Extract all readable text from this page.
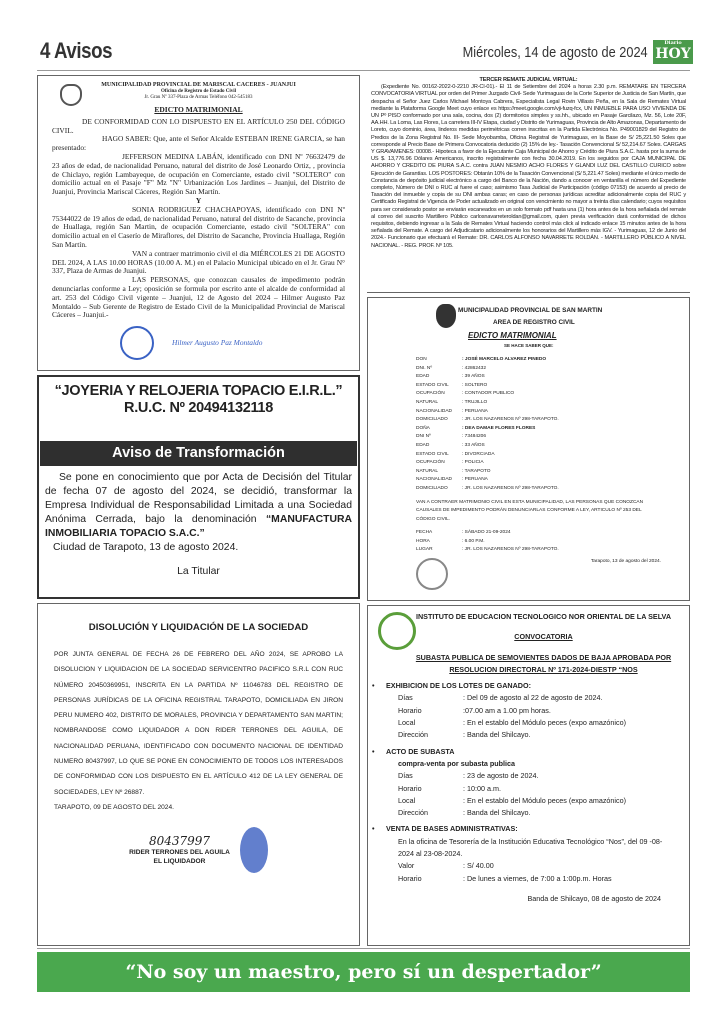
4 Avisos	Miércoles, 14 de agosto de 2024
Diario
HOY
MUNICIPALIDAD PROVINCIAL DE MARISCAL CACERES - JUANJUI
Oficina de Registro de Estado Civil
Jr. Grau Nº 337-Plaza de Armas Teléfono 042-545183
EDICTO MATRIMONIAL

DE CONFORMIDAD CON LO DISPUESTO EN EL ARTÍCULO 250 DEL CÓDIGO CIVIL.

HAGO SABER: Que, ante el Señor Alcalde ESTEBAN IRENE GARCIA, se han presentado:

JEFFERSON MEDINA LABÁN, identificado con DNI Nº 76632479 de 23 años de edad, de nacionalidad Peruano, natural del distrito de José Leonardo Ortiz, , provincia de Chiclayo, región Lambayeque, de ocupación en Comerciante, estado civil "SOLTERO" con domicilio actual en el Pasaje "F" Mz "N" Urbanización Los Jardines – Juanjui, del Distrito de Juanjui, Provincia Mariscal Cáceres, Región San Martín.

Y

SONIA RODRIGUEZ CHACHAPOYAS, identificado con DNI Nº 75344022 de 19 años de edad, de nacionalidad Peruano, natural del distrito de Sacanche, provincia de Huallaga, región San Martin, de ocupación Comerciante, estado civil "SOLTERA" con domicilio actual en el Caserío de Miraflores, del Distrito de Sacanche, Provincia Huallaga, Región San Martín.

VAN a contraer matrimonio civil el día MIÉRCOLES 21 DE AGOSTO DEL 2024, A LAS 10.00 HORAS (10.00 A. M.) en el Palacio Municipal ubicado en el Jr. Grau N° 337, Plaza de Armas de Juanjui.

LAS PERSONAS, que conozcan causales de impedimento podrán denunciarlas conforme a Ley; oposición se formula por escrito ante el alcalde de conformidad al art. 253 del Código Civil vigente – Juanjui, 12 de Agosto del 2024 – Hilmer Augusto Paz Montaldo – Sub Gerente de Registro de Estado Civil de la Municipalidad Provincial de Mariscal Cáceres – Juanjui.-

Hilmer Augusto Paz Montaldo
“JOYERIA Y RELOJERIA TOPACIO E.I.R.L.”
R.U.C. Nº 20494132118
Aviso de Transformación
Se pone en conocimiento que por Acta de Decisión del Titular de fecha 07 de agosto del 2024, se decidió, transformar la Empresa Individual de Responsabilidad Limitada a una Sociedad Anónima Cerrada, bajo la denominación “MANUFACTURA INMOBILIARIA TOPACIO S.A.C.”
Ciudad de Tarapoto, 13 de agosto 2024.
La Titular
DISOLUCIÓN Y LIQUIDACIÓN DE LA SOCIEDAD

POR JUNTA GENERAL DE FECHA 26 DE FEBRERO DEL AÑO 2024, SE APROBO LA DISOLUCION Y LIQUIDACION DE LA SOCIEDAD SERVICENTRO PACIFICO S.R.L CON RUC NÚMERO 20450369951, INSCRITA EN LA PARTIDA Nº 11046783 DEL REGISTRO DE PERSONAS JURÍDICAS DE LA OFICINA REGISTRAL TARAPOTO, DOMICILIADA EN JIRON PERU NUMERO 402, DISTRITO DE MORALES, PROVINCIA Y DEPARTAMENTO SAN MARTIN; NOMBRANDOSE COMO LIQUIDADOR A DON RIDER TERRONES DEL AGUILA, DE NACIONALIDAD PERUANA, IDENTIFICADO CON DOCUMENTO NACIONAL DE IDENTIDAD NUMERO 80437997, LO QUE SE PONE EN CONOCIMIENTO DE TODOS LOS INTERESADOS DE CONFORMIDAD CON LOS DISPUESTO EN EL ARTÍCULO 412 DE LA LEY GENERAL DE SOCIEDADES, LEY Nº 26887.

TARAPOTO, 09 DE AGOSTO DEL 2024.

80437997
RIDER TERRONES DEL AGUILA
EL LIQUIDADOR
TERCER REMATE JUDICIAL VIRTUAL:
(Expediente No. 00162-2022-0-2210 JR-CI-01).- El 11 de Setiembre del 2024 a horas 2.30 p.m. REMATARE EN TERCERA CONVOCATORIA VIRTUAL por orden del Primer Juzgado Civil- Sede Yurimaguas de la Corte Superior de Justicia de San Martín, que despacha el Señor Juez Carlos Michael Montoya Cabrera, Especialista Legal Rovin Villasis Peña, en la Sala de Remates Virtual mediante la Plataforma Google Meet cuyo enlace es https://meet.google.com/vji-fuzq-fcx, UN INMUEBLE PARA USO VIVIENDA DE UN Pº PISO conformado por una sala, cocina, dos (2) dormitorios simples y ss.hh., ubicado en Pasaje Garcilazo, Mz. 56, Lote 20F, AA.HH. La Loma, Las Flores, La carretera III-IV Etapa, ciudad y Distrito de Yurimaguas, Provincia de Alto Amazonas, Departamento de Loreto, cuyo dominio, área, linderos medidas perimétricas corren inscritas en la Partida Electrónica No. P49001829 del Registro de Predios de la Zona Registral No. III- Sede Moyobamba, Oficina Registral de Yurimaguas, en la Base de S/ 25,221.50 Soles que corresponde al Precio Base de Primera Convocatoria deducido (2) 15% de ley.- Tasación Convencional S/ 52,214.67 Soles. CARGAS Y GRAVAMENES: 00008.- Hipoteca a favor de la Ejecutante Caja Municipal de Ahorro y Crédito de Piura S.A.C. hasta por la suma de US $. 13,776.96 Dólares Americanos, inscrito registralmente con fecha 30.04.2019. En los seguidos por CAJA MUNICIPAL DE AHORRO Y CREDITO DE PIURA S.A.C. contra JUAN NESMIO ACHO FLORES Y GLANDI LUZ DEL CASTILLO CURICO sobre Ejecución de Garantías. LOS POSTORES: Obtarán 10% de la Tasación Convencional (S/ 5,221.47 Soles) mediante el único medio de Constancia de depósito judicial electrónico a cargo del Banco de la Nación, dando a conocer en ventanilla el número del Expediente completo, Número de DNI o RUC al fuere el caso; asimismo Tasa Judicial de Participación (código 07153) de acuerdo al precio de Tasación del inmueble y copia de su DNI ambas caras; en caso de personas jurídicas acreditar adicionalmente copia del RUC y Certificado Registral de Vigencia de Poder actualizado en original con vencimiento no mayor a treinta días calendario; cuyos requisitos para ser considerado postor se enviarán escaneados en un solo formato pdf hasta una (1) hora antes de la hora señalada del remate al correo del suscrito Martillero Público carlosnavarreteroldan@gmail.com, quien previa verificación dará conformidad de dichos requisitos, debiendo ingresar a la Sala de Remates Virtual haciendo control más click al indicado enlace 15 minutos antes de la hora señalada del Remate. A cargo del Adjudicatario adicionalmente los honorarios del Martillero más IGV. - Yurimaguas, 12 de Junio del 2024.- Funcionario que efectuará el Remate: DR. CARLOS ALFONSO NAVARRETE ROLDÁN. - MARTILLERO PÚBLICO A NIVEL NACIONAL. - REG. PROF. Nº 105.
MUNICIPALIDAD PROVINCIAL DE SAN MARTIN
AREA DE REGISTRO CIVIL
EDICTO MATRIMONIAL
SE HACE SABER QUE:
DON	: JOSÉ MARCELO ALVAREZ PINEDO
DNI. Nº	: 42862432
EDAD	: 39 AÑOS
ESTADO CIVIL	: SOLTERO
OCUPACIÓN	: CONTADOR PUBLICO
NATURAL	: TRUJILLO
NACIONALIDAD : PERUANA
DOMICILIADO	: JR. LOS NAZARENOS Nº 298-TARAPOTO.
DOÑA	: DEA DAMAE FLORES FLORES
DNI Nº	: 73484206
EDAD	: 33 AÑOS
ESTADO CIVIL	: DIVORCIADA
OCUPACIÓN	: POLICIA
NATURAL	: TARAPOTO
NACIONALIDAD : PERUANA
DOMICILIADO	: JR. LOS NAZARENOS Nº 298-TARAPOTO.
VAN A CONTRAER MATRIMONIO CIVIL EN ESTA MUNICIPALIDAD, LAS PERSONAS QUE CONOZCAN CAUSALES DE IMPEDIMENTO PODRÁN DENUNCIARLAS CONFORME A LEY, ARTICULO Nº 253 DEL CÓDIGO CIVIL.
FECHA	: SÁBADO 21-09-2024
HORA	: 6.00 P.M.
LUGAR	: JR. LOS NAZARENOS Nº 298-TARAPOTO.
Tarapoto, 13 de agosto del 2024.
INSTITUTO DE EDUCACION TECNOLOGICO NOR ORIENTAL DE LA SELVA
CONVOCATORIA
SUBASTA PUBLICA DE SEMOVIENTES DADOS DE BAJA APROBADA POR
RESOLUCION DIRECTORAL Nº 171-2024-DIESTP “NOS
• EXHIBICION DE LOS LOTES DE GANADO:
Días	: Del 09 de agosto al 22 de agosto de 2024.
Horario	:07.00 am a 1.00 pm horas.
Local	: En el establo del Módulo peces (expo amazónico)
Dirección	: Banda del Shilcayo.
• ACTO DE SUBASTA
compra-venta por subasta publica
Días	: 23 de agosto de 2024.
Horario	: 10:00 a.m.
Local	: En el establo del Módulo peces (expo amazónico)
Dirección	: Banda del Shilcayo.
• VENTA DE BASES ADMINISTRATIVAS:
En la oficina de Tesorería de la Institución Educativa Tecnológico “Nos”, del 09 -08-2024 al 23-08-2024.
Valor	: S/ 40.00
Horario	: De lunes a viernes, de 7:00 a 1:00p.m. Horas
Banda de Shilcayo, 08 de agosto de 2024
“No soy un maestro, pero sí un despertador”
